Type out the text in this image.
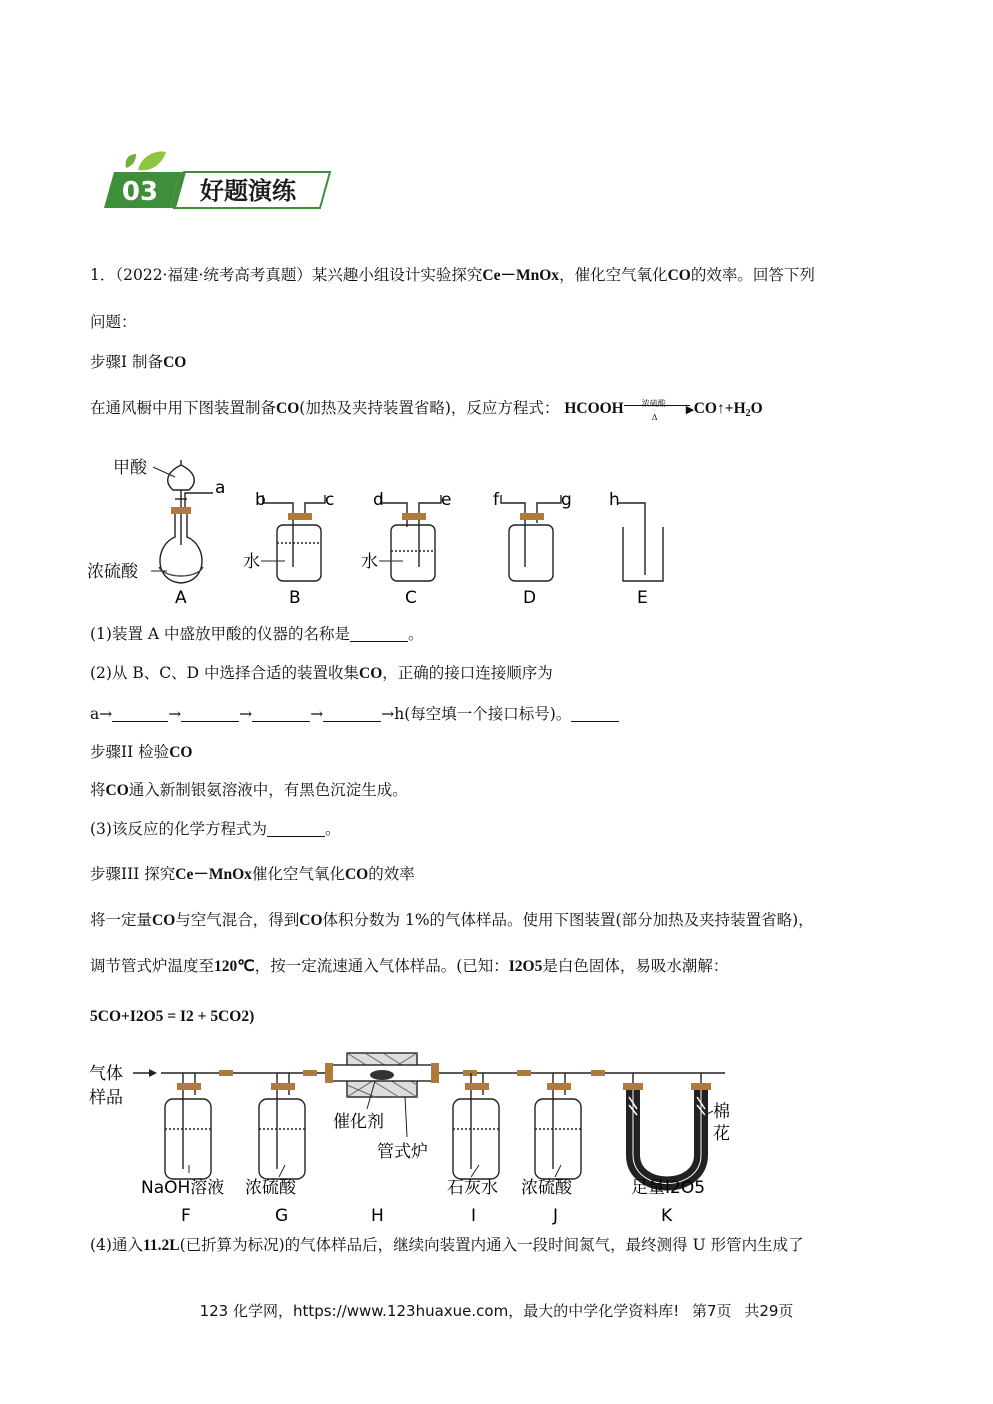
03 好题演练
1．（2022·福建·统考高考真题）某兴趣小组设计实验探究Ce－MnOx，催化空气氧化CO的效率。回答下列
问题：
步骤I 制备CO
在通风橱中用下图装置制备CO(加热及夹持装置省略)，反应方程式： HCOOH 浓硫酸 ▶
Δ
$CO↑+H_2O$
甲酸
浓硫酸
a
b	c
水
d	e
水
f	g h
A	B	C	D	E
(1)装置 A 中盛放甲酸的仪器的名称是	。
(2)从 B、C、D 中选择合适的装置收集CO，正确的接口连接顺序为
a→	→	→	→	→h(每空填一个接口标号)。
步骤II 检验CO
将CO通入新制银氨溶液中，有黑色沉淀生成。
(3)该反应的化学方程式为	。
步骤III 探究Ce－MnOx催化空气氧化CO的效率
将一定量CO与空气混合，得到CO体积分数为 1%的气体样品。使用下图装置(部分加热及夹持装置省略)，
调节管式炉温度至120℃，按一定流速通入气体样品。(已知：I2O5是白色固体，易吸水潮解：
5CO+I2O5 = I2 + 5CO2)
气体
样品
催化剂
管式炉
棉
花
NaOH溶液 浓硫酸	石灰水 浓硫酸	足量I2O5
F	G	H	I	J	K
(4)通入11.2L(已折算为标况)的气体样品后，继续向装置内通入一段时间氮气，最终测得 U 形管内生成了
123 化学网，https://www.123huaxue.com，最大的中学化学资料库! 第7页 共29页
